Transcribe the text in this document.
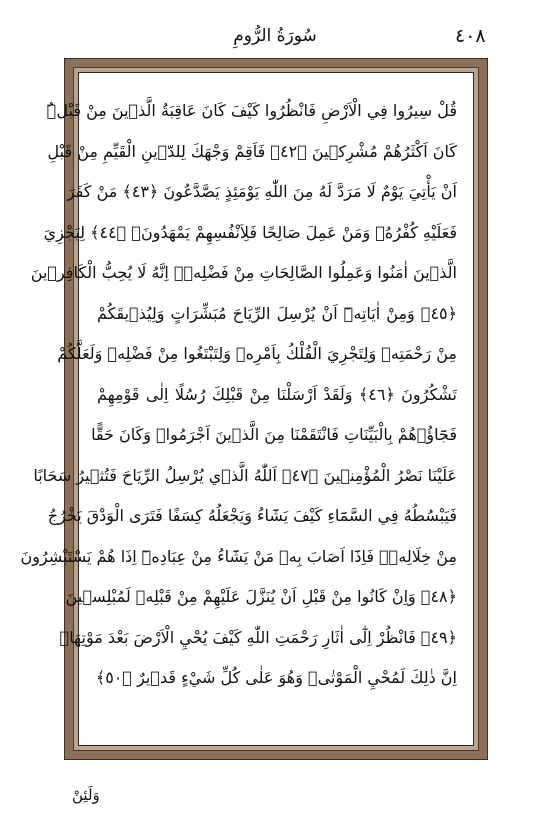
سُورَةُ الرُّومِ	٤٠٨
قُلْ سِيرُوا فِي الْاَرْضِ فَانْظُرُوا كَيْفَ كَانَ عَاقِبَةُ الَّذ۪ينَ مِنْ قَبْلُۜ
كَانَ اَكْثَرُهُمْ مُشْرِك۪ينَ ﴿٤٢﴾ فَاَقِمْ وَجْهَكَ لِلدّ۪ينِ الْقَيِّمِ مِنْ قَبْلِ
اَنْ يَأْتِيَ يَوْمٌ لَا مَرَدَّ لَهُ مِنَ اللّٰهِ يَوْمَئِذٍ يَصَّدَّعُونَ ﴿٤٣﴾ مَنْ كَفَرَ
فَعَلَيْهِ كُفْرُهُۚ وَمَنْ عَمِلَ صَالِحًا فَلِاَنْفُسِهِمْ يَمْهَدُونَۙ ﴿٤٤﴾ لِيَجْزِيَ
الَّذ۪ينَ اٰمَنُوا وَعَمِلُوا الصَّالِحَاتِ مِنْ فَضْلِه۪ۜ اِنَّهُ لَا يُحِبُّ الْكَافِر۪ينَ
﴿٤٥﴾ وَمِنْ اٰيَاتِه۪ٓ اَنْ يُرْسِلَ الرِّيَاحَ مُبَشِّرَاتٍ وَلِيُذ۪يقَكُمْ
مِنْ رَحْمَتِه۪ وَلِتَجْرِيَ الْفُلْكُ بِاَمْرِه۪ وَلِتَبْتَغُوا مِنْ فَضْلِه۪ وَلَعَلَّكُمْ
تَشْكُرُونَ ﴿٤٦﴾ وَلَقَدْ اَرْسَلْنَا مِنْ قَبْلِكَ رُسُلًا اِلٰى قَوْمِهِمْ
فَجَٓاؤُ۫هُمْ بِالْبَيِّنَاتِ فَانْتَقَمْنَا مِنَ الَّذ۪ينَ اَجْرَمُواۜ وَكَانَ حَقًّا
عَلَيْنَا نَصْرُ الْمُؤْمِن۪ينَ ﴿٤٧﴾ اَللّٰهُ الَّذ۪ي يُرْسِلُ الرِّيَاحَ فَتُث۪يرُ سَحَابًا
فَيَبْسُطُهُ فِي السَّمَٓاءِ كَيْفَ يَشَٓاءُ وَيَجْعَلُهُ كِسَفًا فَتَرَى الْوَدْقَ يَخْرُجُ
مِنْ خِلَالِه۪ۚ فَاِذَٓا اَصَابَ بِه۪ مَنْ يَشَٓاءُ مِنْ عِبَادِه۪ٓ اِذَا هُمْ يَسْتَبْشِرُونَ
﴿٤٨﴾ وَاِنْ كَانُوا مِنْ قَبْلِ اَنْ يُنَزَّلَ عَلَيْهِمْ مِنْ قَبْلِه۪ لَمُبْلِس۪ينَ
﴿٤٩﴾ فَانْظُرْ اِلٰٓى اٰثَارِ رَحْمَتِ اللّٰهِ كَيْفَ يُحْيِ الْاَرْضَ بَعْدَ مَوْتِهَاۜ
اِنَّ ذٰلِكَ لَمُحْيِ الْمَوْتٰىۚ وَهُوَ عَلٰى كُلِّ شَيْءٍ قَد۪يرٌ ﴿٥٠﴾
وَلَئِنْ
